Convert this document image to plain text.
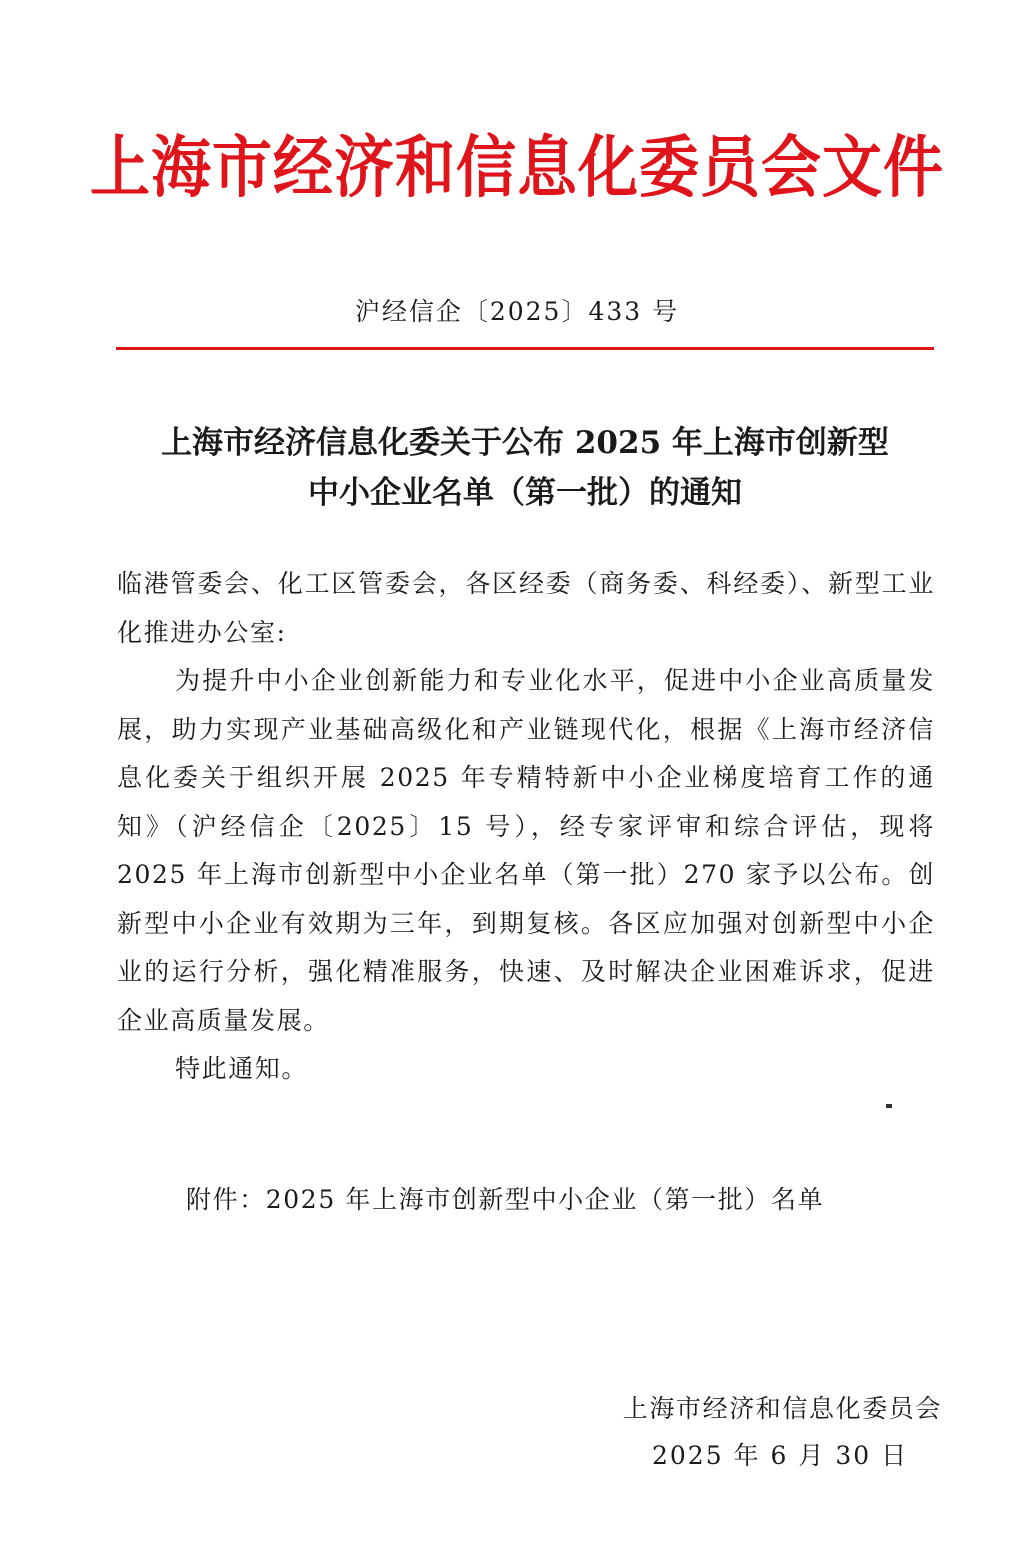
上海市经济和信息化委员会文件
沪经信企〔2025〕433 号
上海市经济信息化委关于公布 2025 年上海市创新型
中小企业名单（第一批）的通知

临港管委会、化工区管委会，各区经委（商务委、科经委）、新型工业化推进办公室:

为提升中小企业创新能力和专业化水平，促进中小企业高质量发展，助力实现产业基础高级化和产业链现代化，根据《上海市经济信息化委关于组织开展 2025 年专精特新中小企业梯度培育工作的通知》（沪经信企〔2025〕15 号），经专家评审和综合评估，现将 2025 年上海市创新型中小企业名单（第一批）270 家予以公布。创新型中小企业有效期为三年，到期复核。各区应加强对创新型中小企业的运行分析，强化精准服务，快速、及时解决企业困难诉求，促进企业高质量发展。

特此通知。

附件：2025 年上海市创新型中小企业（第一批）名单
上海市经济和信息化委员会
2025 年 6 月 30 日
